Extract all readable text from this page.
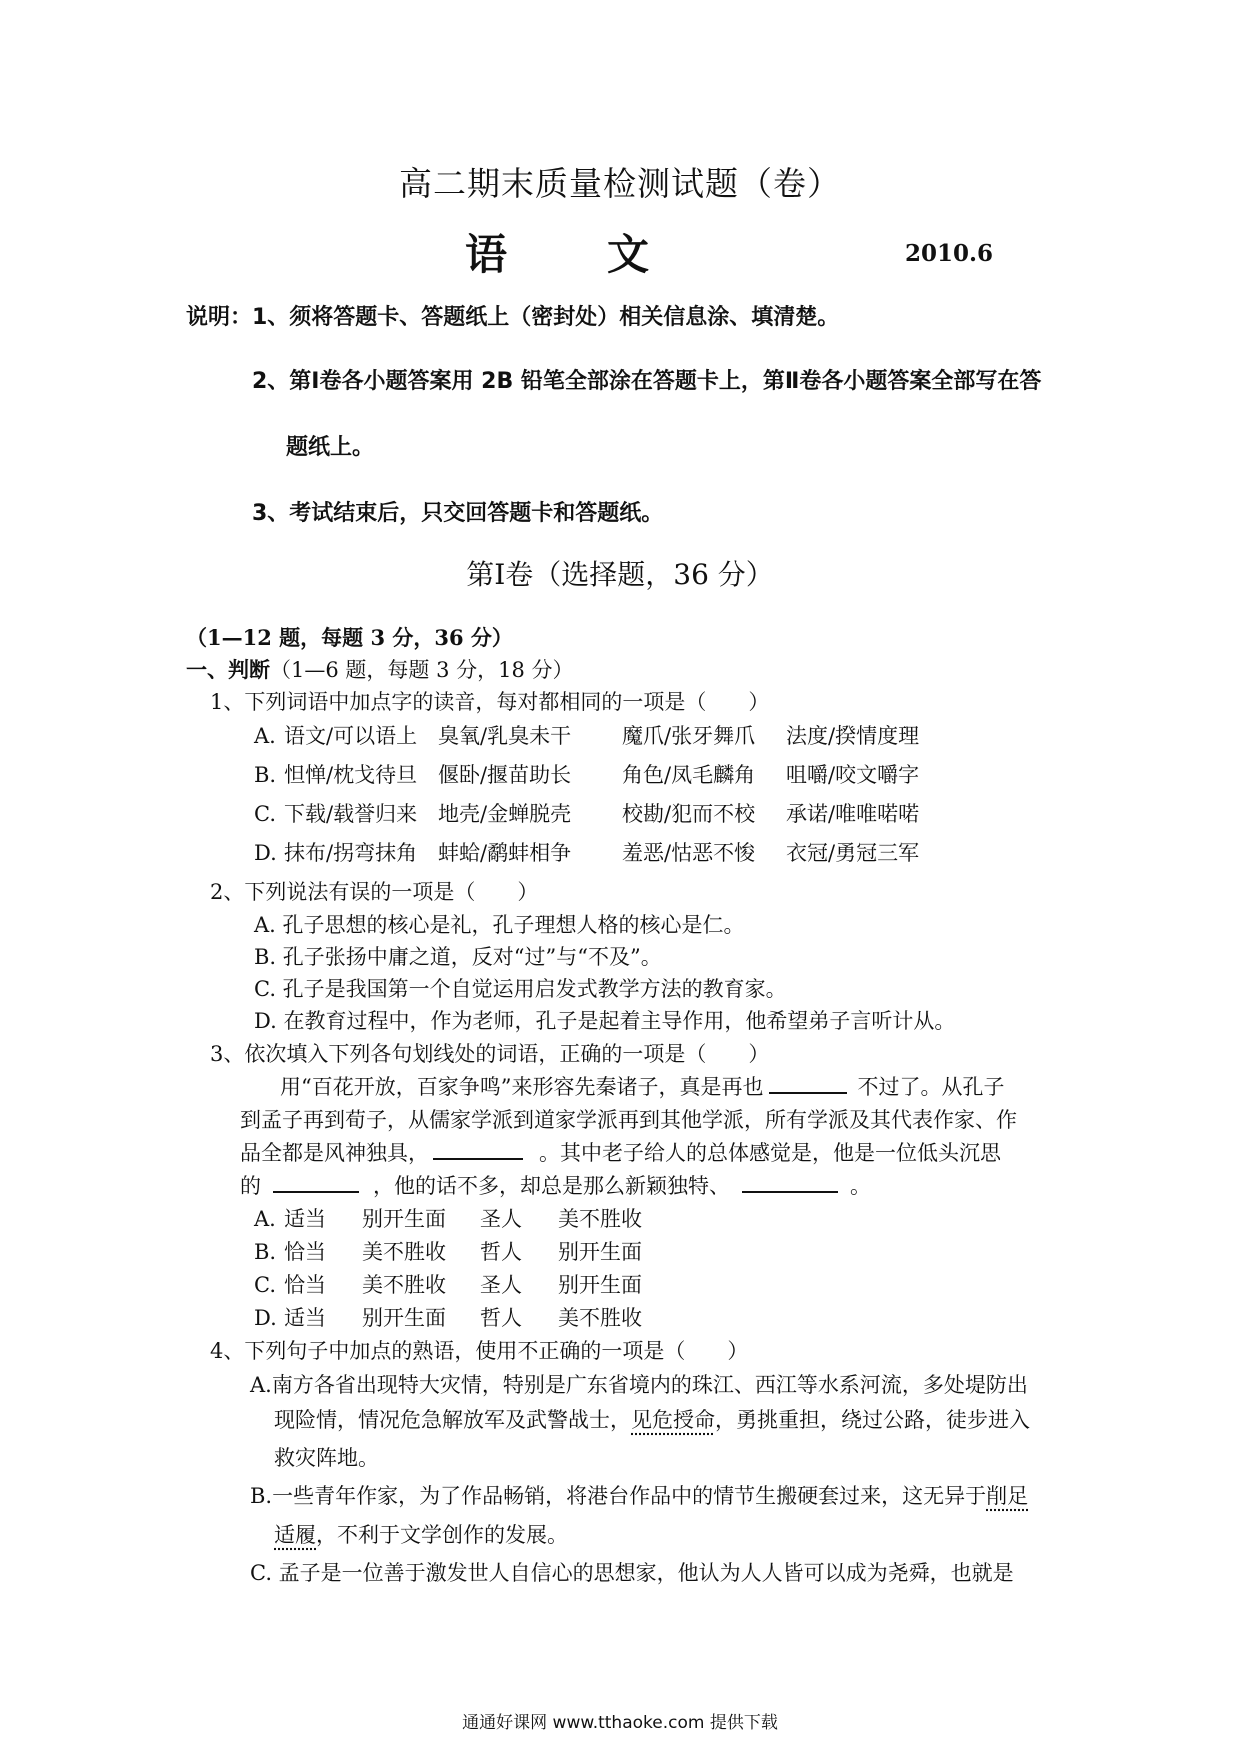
高二期末质量检测试题（卷）
语文	2010.6
说明：1、须将答题卡、答题纸上（密封处）相关信息涂、填清楚。
2、第Ⅰ卷各小题答案用 2B 铅笔全部涂在答题卡上，第Ⅱ卷各小题答案全部写在答
题纸上。
3、考试结束后，只交回答题卡和答题纸。
第Ⅰ卷（选择题，36 分）
（1—12 题，每题 3 分，36 分）
一、判断（1—6 题，每题 3 分，18 分）
1、下列词语中加点字的读音，每对都相同的一项是（　　）
A. 语文/可以语上 臭氧/乳臭未干 魔爪/张牙舞爪 法度/揆情度理
B. 怛惮/枕戈待旦 偃卧/揠苗助长 角色/凤毛麟角 咀嚼/咬文嚼字
C. 下载/载誉归来 地壳/金蝉脱壳 校勘/犯而不校 承诺/唯唯喏喏
D. 抹布/拐弯抹角 蚌蛤/鹬蚌相争 羞恶/怙恶不悛 衣冠/勇冠三军
2、下列说法有误的一项是（　　）
A. 孔子思想的核心是礼，孔子理想人格的核心是仁。
B. 孔子张扬中庸之道，反对“过”与“不及”。
C. 孔子是我国第一个自觉运用启发式教学方法的教育家。
D. 在教育过程中，作为老师，孔子是起着主导作用，他希望弟子言听计从。
3、依次填入下列各句划线处的词语，正确的一项是（　　）
用“百花开放，百家争鸣”来形容先秦诸子，真是再也	不过了。从孔子
到孟子再到荀子，从儒家学派到道家学派再到其他学派，所有学派及其代表作家、作
品全都是风神独具，	。其中老子给人的总体感觉是，他是一位低头沉思
的	，他的话不多，却总是那么新颖独特、	。
A. 适当 别开生面 圣人 美不胜收
B. 恰当 美不胜收 哲人 别开生面
C. 恰当 美不胜收 圣人 别开生面
D. 适当 别开生面 哲人 美不胜收
4、下列句子中加点的熟语，使用不正确的一项是（　　）
A.南方各省出现特大灾情，特别是广东省境内的珠江、西江等水系河流，多处堤防出
现险情，情况危急解放军及武警战士，见危授命，勇挑重担，绕过公路，徒步进入
救灾阵地。
B.一些青年作家，为了作品畅销，将港台作品中的情节生搬硬套过来，这无异于削足
适履，不利于文学创作的发展。
C. 孟子是一位善于激发世人自信心的思想家，他认为人人皆可以成为尧舜，也就是
通通好课网 www.tthaoke.com 提供下载
